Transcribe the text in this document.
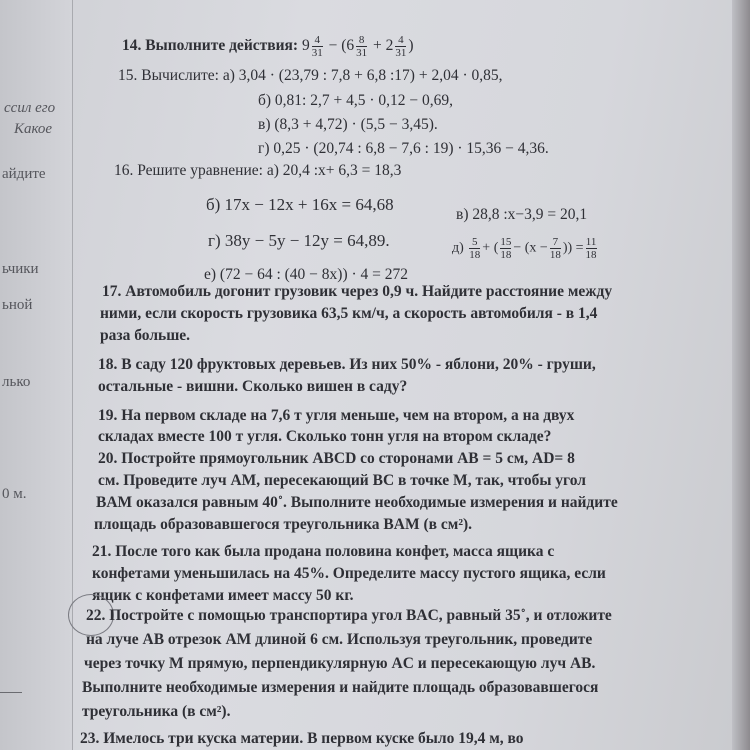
ссил его
Какое
айдите
ьчики
ьной
лько
0 м.
14. Выполните действия: $9 \frac{4}{31} - (6 \frac{8}{31} + 2 \frac{4}{31}$ )
15. Вычислите: а) 3,04 · (23,79 : 7,8 + 6,8 :17) + 2,04 · 0,85,
б) 0,81: 2,7 + 4,5 · 0,12 − 0,69,
в) (8,3 + 4,72) · (5,5 − 3,45).
г) 0,25 · (20,74 : 6,8 − 7,6 : 19) · 15,36 − 4,36.
16. Решите уравнение: а) 20,4 :x+ 6,3 = 18,3
б) 17x − 12x + 16x = 64,68
в) 28,8 :x−3,9 = 20,1
г) 38y − 5y − 12y = 64,89.	$д) \frac{5}{18}$ + ( $\frac{15}{18} - (x - \frac{7}{18}$ )) = $\frac{11}{18}$
е) (72 − 64 : (40 − 8x)) · 4 = 272
17. Автомобиль догонит грузовик через 0,9 ч. Найдите расстояние между
ними, если скорость грузовика 63,5 км/ч, а скорость автомобиля - в 1,4
раза больше.
18. В саду 120 фруктовых деревьев. Из них 50% - яблони, 20% - груши,
остальные - вишни. Сколько вишен в саду?
19. На первом складе на 7,6 т угля меньше, чем на втором, а на двух
складах вместе 100 т угля. Сколько тонн угля на втором складе?
20. Постройте прямоугольник ABCD со сторонами AB = 5 см, AD= 8
см. Проведите луч AM, пересекающий BC в точке M, так, чтобы угол
BAM оказался равным 40˚. Выполните необходимые измерения и найдите
площадь образовавшегося треугольника BAM (в см²).
21. После того как была продана половина конфет, масса ящика с
конфетами уменьшилась на 45%. Определите массу пустого ящика, если
ящик с конфетами имеет массу 50 кг.
22. Постройте с помощью транспортира угол BAC, равный 35˚, и отложите
на луче AB отрезок AM длиной 6 см. Используя треугольник, проведите
через точку M прямую, перпендикулярную AC и пересекающую луч AB.
Выполните необходимые измерения и найдите площадь образовавшегося
треугольника (в см²).
23. Имелось три куска материи. В первом куске было 19,4 м, во
